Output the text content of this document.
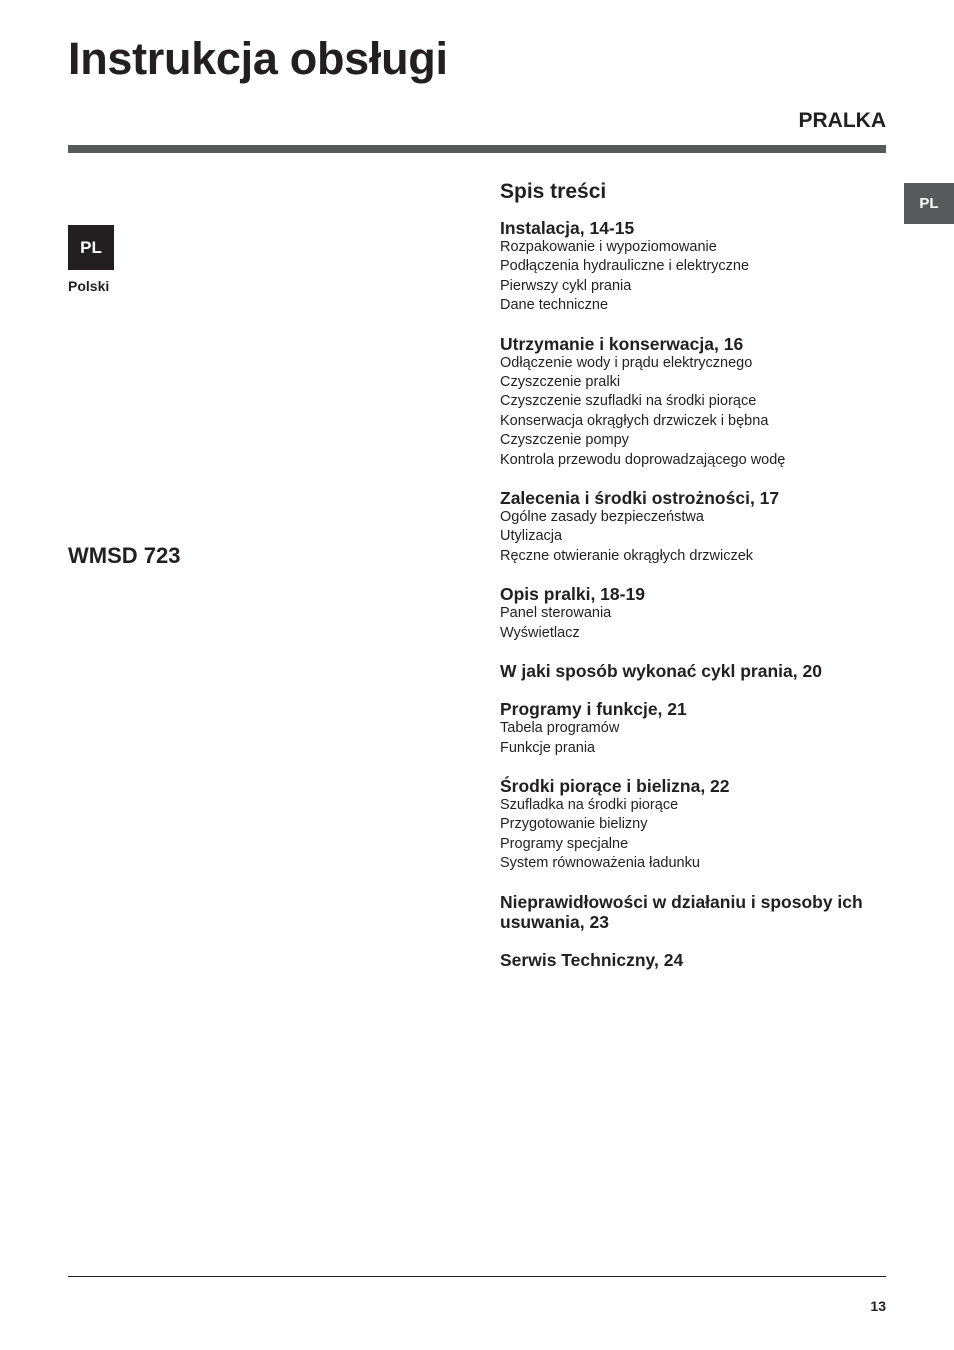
Instrukcja obsługi
PRALKA
PL
Polski
WMSD 723
PL
Spis treści
Instalacja, 14-15
Rozpakowanie i wypoziomowanie
Podłączenia hydrauliczne i elektryczne
Pierwszy cykl prania
Dane techniczne
Utrzymanie i konserwacja, 16
Odłączenie wody i prądu elektrycznego
Czyszczenie pralki
Czyszczenie szufladki na środki piorące
Konserwacja okrągłych drzwiczek i bębna
Czyszczenie pompy
Kontrola przewodu doprowadzającego wodę
Zalecenia i środki ostrożności, 17
Ogólne zasady bezpieczeństwa
Utylizacja
Ręczne otwieranie okrągłych drzwiczek
Opis pralki, 18-19
Panel sterowania
Wyświetlacz
W jaki sposób wykonać cykl prania, 20
Programy i funkcje, 21
Tabela programów
Funkcje prania
Środki piorące i bielizna, 22
Szufladka na środki piorące
Przygotowanie bielizny
Programy specjalne
System równoważenia ładunku
Nieprawidłowości w działaniu i sposoby ich usuwania, 23
Serwis Techniczny, 24
13
